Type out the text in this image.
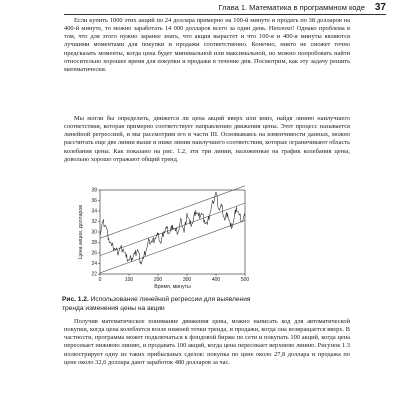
Глава 1. Математика в программном коде 37

Если купить 1000 этих акций по 24 доллара примерно на 100-й минуте и продать по 38 долларов на 400-й минуте, то можно заработать 14 000 долларов всего за один день. Неплохо! Однако проблема в том, что для этого нужно заранее знать, что акция вырастет и что 100-я и 400-я минуты являются лучшими моментами для покупки и продажи соответственно. Конечно, никто не сможет точно предсказать моменты, когда цена будет минимальной или максимальной, но можно попробовать найти относительно хорошее время для покупки и продажи в течение дня. Посмотрим, как эту задачу решить математически.

Мы могли бы определить, движется ли цена акций вверх или вниз, найдя линию наилучшего соответствия, которая примерно соответствует направлению движения цены. Этот процесс называется линейной регрессией, и мы рассмотрим его в части III. Основываясь на изменчивости данных, можно рассчитать еще две линии выше и ниже линии наилучшего соответствия, которые ограничивают область колебания цены. Как показано на рис. 1.2, эти три линии, наложенные на график колебания цены, довольно хорошо отражают общий тренд.

0	100	200	300	400	500
22
24
26
28
30
32
34
36
38
Время, минуты
Цена акции, долларов
Рис. 1.2. Использование линейной регрессии для выявления тренда изменения цены на акции

Получив математическое понимание движения цены, можно написать код для автоматической покупки, когда цена колеблется возле нижней точки тренда, и продажи, когда она возвращается вверх. В частности, программа может подключаться к фондовой бирже по сети и покупать 100 акций, когда цена пересекает нижнюю линию, и продавать 100 акций, когда цена пересекает верхнюю линию. Рисунок 1.3 иллюстрирует одну из таких прибыльных сделок: покупка по цене около 27,8 доллара и продажа по цене около 32,6 доллара дают заработок 480 долларов за час.
